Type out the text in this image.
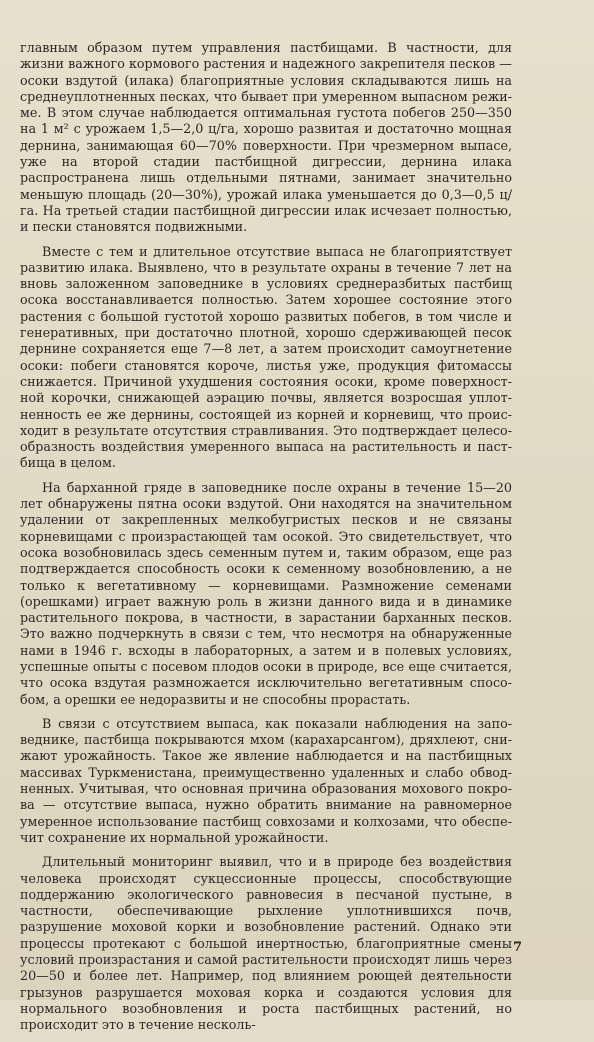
главным образом путем управления пастбищами. В частности, для жизни важного кормового растения и надежного закрепителя песков — осоки вздутой (илака) благоприятные условия складываются лишь на среднеуплотненных песках, что бывает при умеренном выпасном режиме. В этом случае наблюдается оптимальная густота побегов 250—350 на 1 м² с урожаем 1,5—2,0 ц/га, хорошо развитая и достаточно мощная дернина, занимающая 60—70% поверхности. При чрезмерном выпасе, уже на второй стадии пастбищной дигрессии, дернина илака распространена лишь отдельными пятнами, занимает значительно меньшую площадь (20—30%), урожай илака уменьшается до 0,3—0,5 ц/га. На третьей стадии пастбищной дигрессии илак исчезает полностью, и пески становятся подвижными.

Вместе с тем и длительное отсутствие выпаса не благоприятствует развитию илака. Выявлено, что в результате охраны в течение 7 лет на вновь заложенном заповеднике в условиях среднеразбитых пастбищ осока восстанавливается полностью. Затем хорошее состояние этого растения с большой густотой хорошо развитых побегов, в том числе и генеративных, при достаточно плотной, хорошо сдерживающей песок дернине сохраняется еще 7—8 лет, а затем происходит самоугнетение осоки: побеги становятся короче, листья уже, продукция фитомассы снижается. Причиной ухудшения состояния осоки, кроме поверхностной корочки, снижающей аэрацию почвы, является возросшая уплотненность ее же дернины, состоящей из корней и корневищ, что происходит в результате отсутствия стравливания. Это подтверждает целесообразность воздействия умеренного выпаса на растительность и пастбища в целом.

На барханной гряде в заповеднике после охраны в течение 15—20 лет обнаружены пятна осоки вздутой. Они находятся на значительном удалении от закрепленных мелкобугристых песков и не связаны корневищами с произрастающей там осокой. Это свидетельствует, что осока возобновилась здесь семенным путем и, таким образом, еще раз подтверждается способность осоки к семенному возобновлению, а не только к вегетативному — корневищами. Размножение семенами (орешками) играет важную роль в жизни данного вида и в динамике растительного покрова, в частности, в зарастании барханных песков. Это важно подчеркнуть в связи с тем, что несмотря на обнаруженные нами в 1946 г. всходы в лабораторных, а затем и в полевых условиях, успешные опыты с посевом плодов осоки в природе, все еще считается, что осока вздутая размножается исключительно вегетативным способом, а орешки ее недоразвиты и не способны прорастать.

В связи с отсутствием выпаса, как показали наблюдения на заповеднике, пастбища покрываются мхом (карахарсангом), дряхлеют, снижают урожайность. Такое же явление наблюдается и на пастбищных массивах Туркменистана, преимущественно удаленных и слабо обводненных. Учитывая, что основная причина образования мохового покрова — отсутствие выпаса, нужно обратить внимание на равномерное умеренное использование пастбищ совхозами и колхозами, что обеспечит сохранение их нормальной урожайности.

Длительный мониторинг выявил, что и в природе без воздействия человека происходят сукцессионные процессы, способствующие поддержанию экологического равновесия в песчаной пустыне, в частности, обеспечивающие рыхление уплотнившихся почв, разрушение моховой корки и возобновление растений. Однако эти процессы протекают с большой инертностью, благоприятные смены условий произрастания и самой растительности происходят лишь через 20—50 и более лет. Например, под влиянием роющей деятельности грызунов разрушается моховая корка и создаются условия для нормального возобновления и роста пастбищных растений, но происходит это в течение несколь-

7
